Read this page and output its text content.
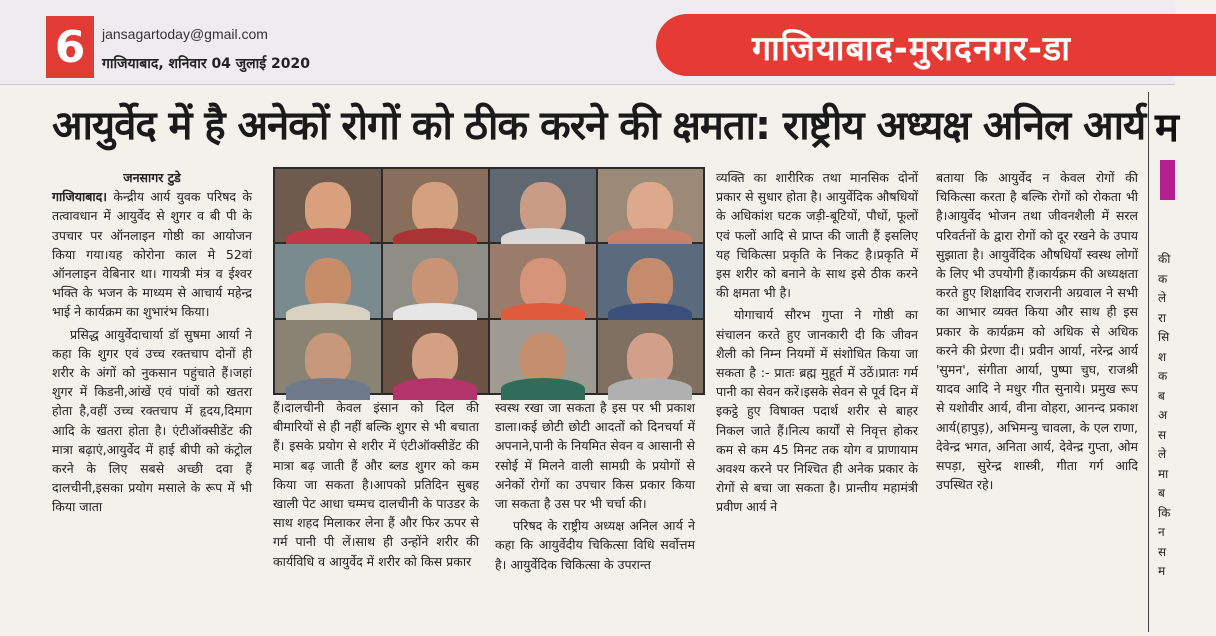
6	jansagartoday@gmail.com
गाजियाबाद, शनिवार 04 जुलाई 2020	गाजियाबाद-मुरादनगर-डा
आयुर्वेद में है अनेकों रोगों को ठीक करने की क्षमता: राष्ट्रीय अध्यक्ष अनिल आर्य म
की क ले रा सि श क ब अ स ले मा ब कि न स म
जनसागर टुडे

गाजियाबाद। केन्द्रीय आर्य युवक परिषद के तत्वावधान में आयुर्वेद से शुगर व बी पी के उपचार पर ऑनलाइन गोष्ठी का आयोजन किया गया।यह कोरोना काल मे 52वां ऑनलाइन वेबिनार था। गायत्री मंत्र व ईश्वर भक्ति के भजन के माध्यम से आचार्य महेन्द्र भाई ने कार्यक्रम का शुभारंभ किया।

प्रसिद्ध आयुर्वेदाचार्या डॉ सुषमा आर्या ने कहा कि शुगर एवं उच्च रक्तचाप दोनों ही शरीर के अंगों को नुकसान पहुंचाते हैं।जहां शुगर में किडनी,आंखें एवं पांवों को खतरा होता है,वहीं उच्च रक्तचाप में हृदय,दिमाग आदि के खतरा होता है। एंटीऑक्सीडेंट की मात्रा बढ़ाएं,आयुर्वेद में हाई बीपी को कंट्रोल करने के लिए सबसे अच्छी दवा हैं दालचीनी,इसका प्रयोग मसाले के रूप में भी किया जाता

हैं।दालचीनी केवल इंसान को दिल की बीमारियों से ही नहीं बल्कि शुगर से भी बचाता हैं। इसके प्रयोग से शरीर में एंटीऑक्सीडेंट की मात्रा बढ़ जाती हैं और ब्लड शुगर को कम किया जा सकता है।आपको प्रतिदिन सुबह खाली पेट आधा चम्मच दालचीनी के पाउडर के साथ शहद मिलाकर लेना हैं और फिर ऊपर से गर्म पानी पी लें।साथ ही उन्होंने शरीर की कार्यविधि व आयुर्वेद में शरीर को किस प्रकार

स्वस्थ रखा जा सकता है इस पर भी प्रकाश डाला।कई छोटी छोटी आदतों को दिनचर्या में अपनाने,पानी के नियमित सेवन व आसानी से रसोई में मिलने वाली सामग्री के प्रयोगों से अनेकों रोगों का उपचार किस प्रकार किया जा सकता है उस पर भी चर्चा की।

परिषद के राष्ट्रीय अध्यक्ष अनिल आर्य ने कहा कि आयुर्वेदीय चिकित्सा विधि सर्वोत्तम है। आयुर्वेदिक चिकित्सा के उपरान्त

व्यक्ति का शारीरिक तथा मानसिक दोनों प्रकार से सुधार होता है। आयुर्वेदिक औषधियों के अधिकांश घटक जड़ी-बूटियों, पौधों, फूलों एवं फलों आदि से प्राप्त की जाती हैं इसलिए यह चिकित्सा प्रकृति के निकट है।प्रकृति में इस शरीर को बनाने के साथ इसे ठीक करने की क्षमता भी है।

योगाचार्य सौरभ गुप्ता ने गोष्ठी का संचालन करते हुए जानकारी दी कि जीवन शैली को निम्न नियमों में संशोधित किया जा सकता है :- प्रातः ब्रह्म मुहूर्त में उठें।प्रातः गर्म पानी का सेवन करें।इसके सेवन से पूर्व दिन में इकट्ठे हुए विषाक्त पदार्थ शरीर से बाहर निकल जाते हैं।नित्य कार्यों से निवृत्त होकर कम से कम 45 मिनट तक योग व प्राणायाम अवश्य करने पर निश्चित ही अनेक प्रकार के रोगों से बचा जा सकता है। प्रान्तीय महामंत्री प्रवीण आर्य ने

बताया कि आयुर्वेद न केवल रोगों की चिकित्सा करता है बल्कि रोगों को रोकता भी है।आयुर्वेद भोजन तथा जीवनशैली में सरल परिवर्तनों के द्वारा रोगों को दूर रखने के उपाय सुझाता है। आयुर्वेदिक औषधियाँ स्वस्थ लोगों के लिए भी उपयोगी हैं।कार्यक्रम की अध्यक्षता करते हुए शिक्षाविद राजरानी अग्रवाल ने सभी का आभार व्यक्त किया और साथ ही इस प्रकार के कार्यक्रम को अधिक से अधिक करने की प्रेरणा दी। प्रवीन आर्या, नरेन्द्र आर्य 'सुमन', संगीता आर्या, पुष्पा चुघ, राजश्री यादव आदि ने मधुर गीत सुनाये। प्रमुख रूप से यशोवीर आर्य, वीना वोहरा, आनन्द प्रकाश आर्य(हापुड़), अभिमन्यु चावला, के एल राणा, देवेन्द्र भगत, अनिता आर्य, देवेन्द्र गुप्ता, ओम सपड़ा, सुरेन्द्र शास्त्री, गीता गर्ग आदि उपस्थित रहे।
